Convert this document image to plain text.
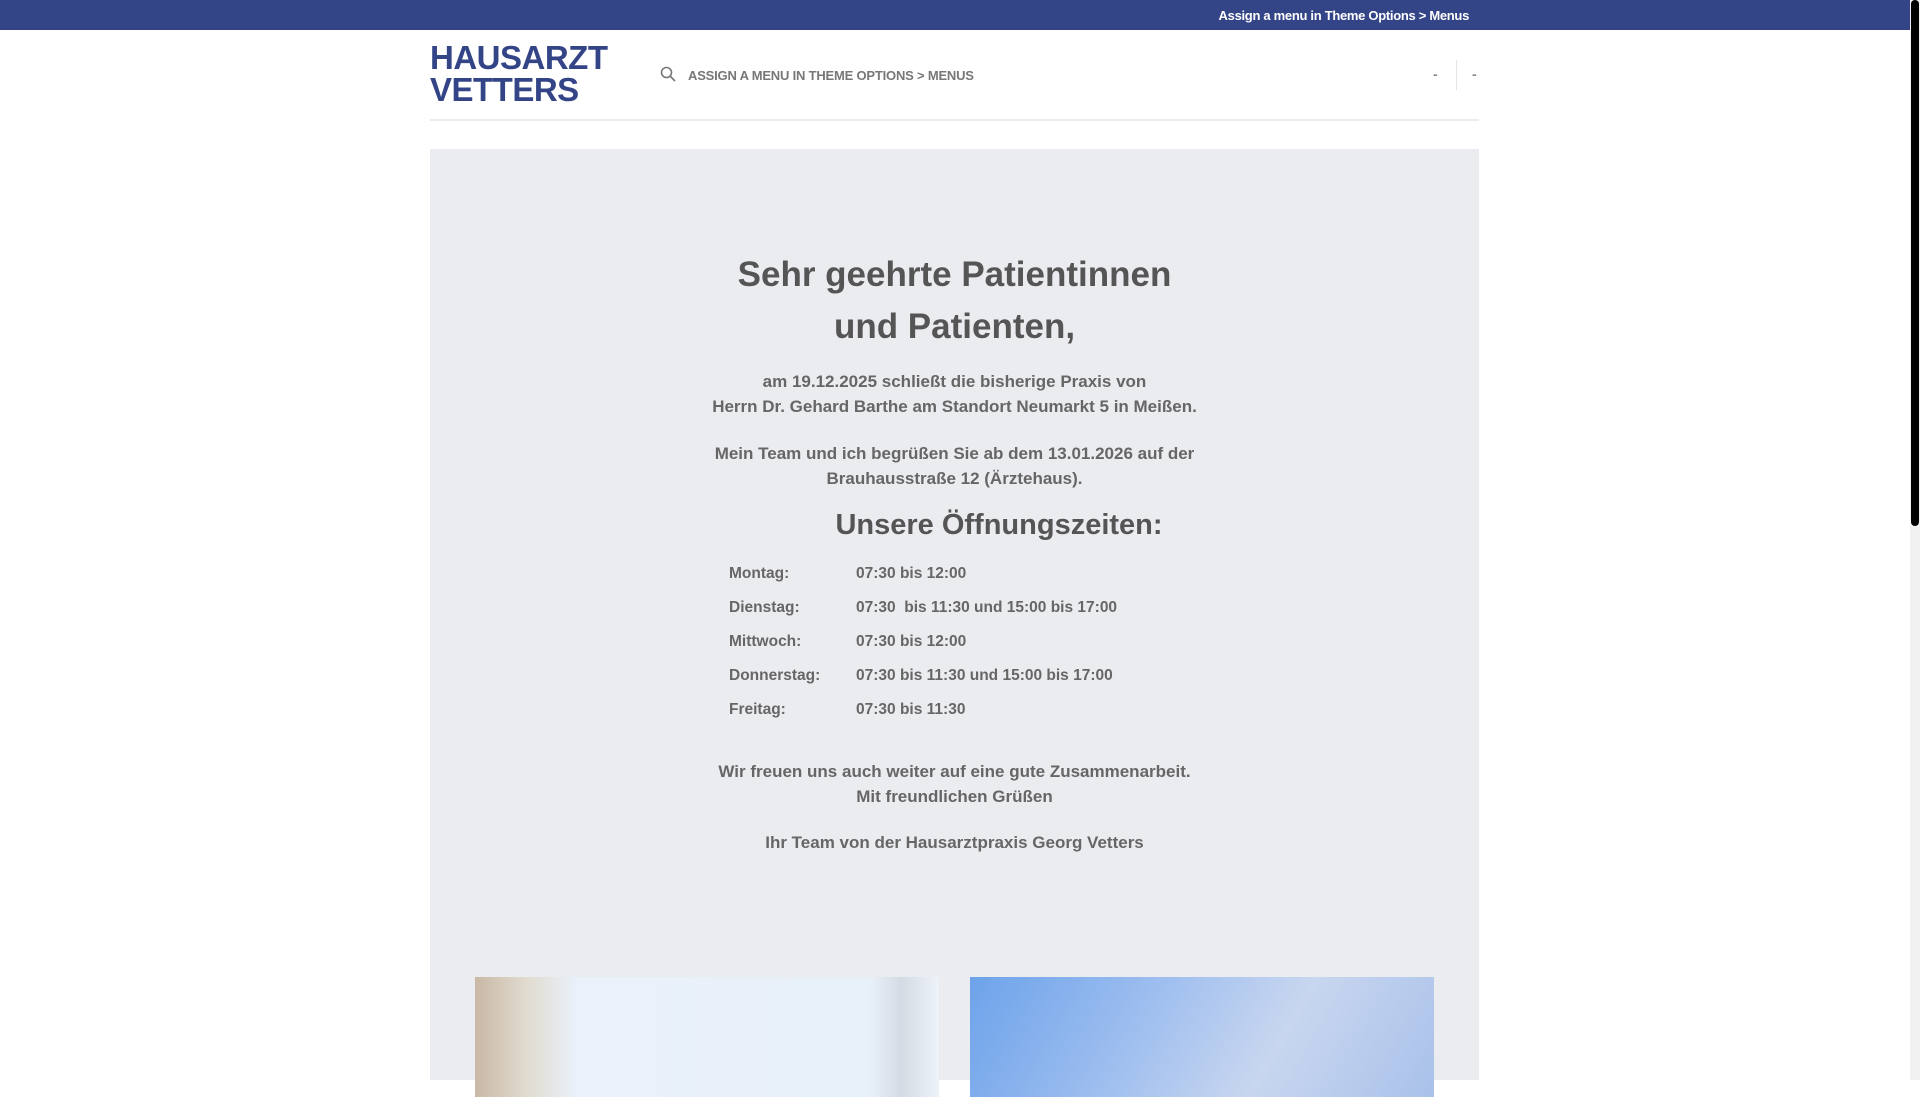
Assign a menu in Theme Options > Menus
HAUSARZT
VETTERS	ASSIGN A MENU IN THEME OPTIONS > MENUS	- -
Sehr geehrte Patientinnen und Patienten,
am 19.12.2025 schließt die bisherige Praxis von
Herrn Dr. Gehard Barthe am Standort Neumarkt 5 in Meißen.
Mein Team und ich begrüßen Sie ab dem 13.01.2026 auf der
Brauhausstraße 12 (Ärztehaus).
Unsere Öffnungszeiten:
Montag:	07:30 bis 12:00
Dienstag:	07:30  bis 11:30 und 15:00 bis 17:00
Mittwoch:	07:30 bis 12:00
Donnerstag: 07:30 bis 11:30 und 15:00 bis 17:00
Freitag:	07:30 bis 11:30
Wir freuen uns auch weiter auf eine gute Zusammenarbeit.
Mit freundlichen Grüßen
Ihr Team von der Hausarztpraxis Georg Vetters
